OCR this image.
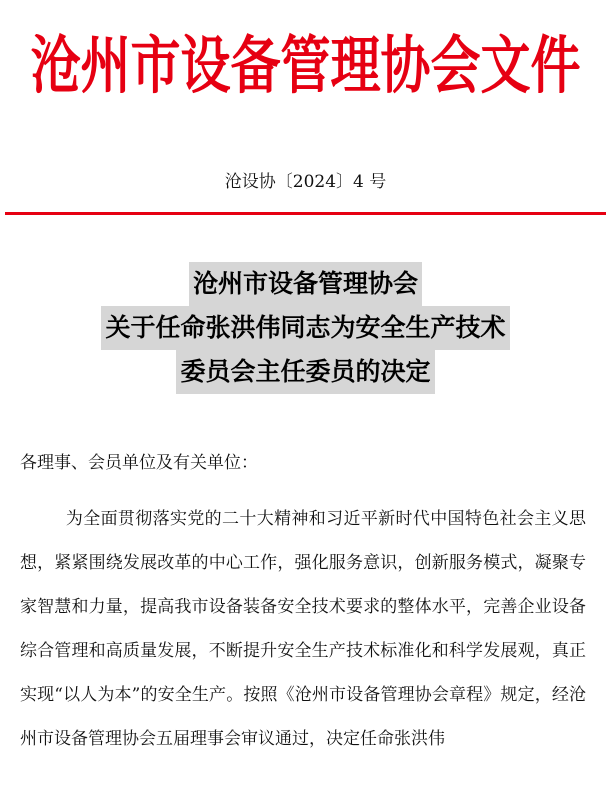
沧州市设备管理协会文件
沧设协〔2024〕4 号
沧州市设备管理协会
关于任命张洪伟同志为安全生产技术
委员会主任委员的决定
各理事、会员单位及有关单位：

为全面贯彻落实党的二十大精神和习近平新时代中国特色社会主义思想，紧紧围绕发展改革的中心工作，强化服务意识，创新服务模式，凝聚专家智慧和力量，提高我市设备装备安全技术要求的整体水平，完善企业设备综合管理和高质量发展，不断提升安全生产技术标准化和科学发展观，真正实现“以人为本”的安全生产。按照《沧州市设备管理协会章程》规定，经沧州市设备管理协会五届理事会审议通过，决定任命张洪伟
